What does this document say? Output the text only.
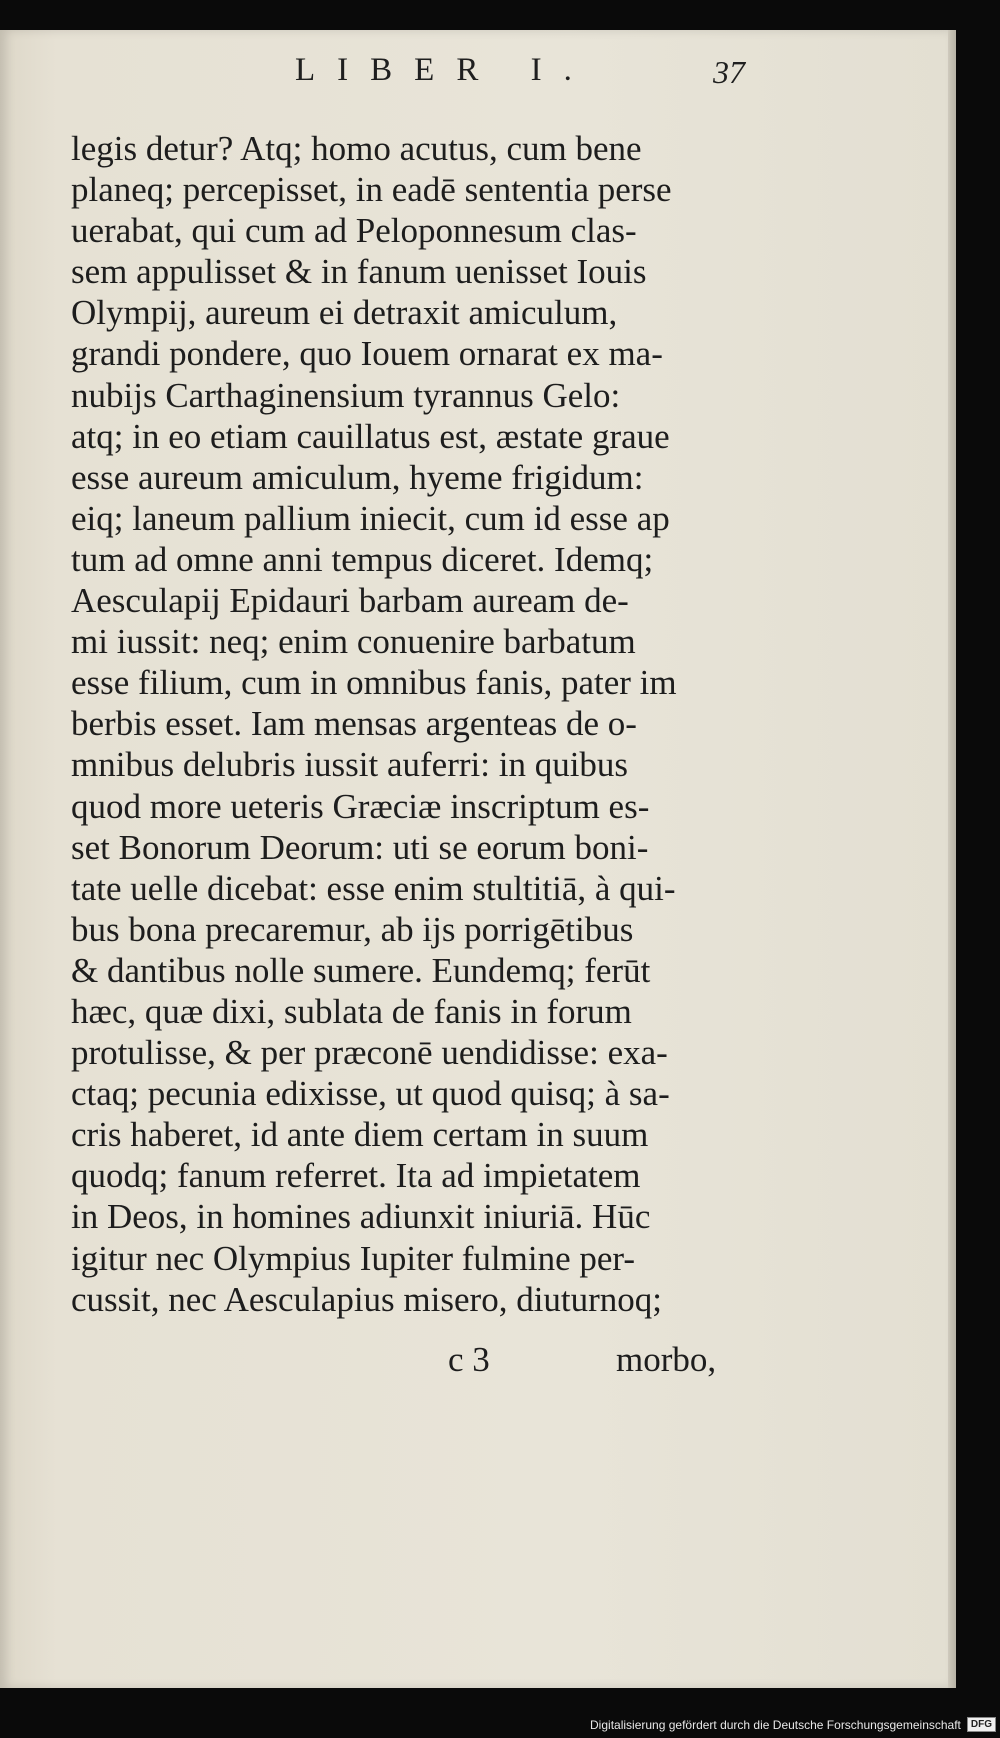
LIBER I.	37
legis detur? Atq; homo acutus, cum bene
planeq; percepisset, in eadē sententia perse
uerabat, qui cum ad Peloponnesum clas-
sem appulisset & in fanum uenisset Iouis
Olympij, aureum ei detraxit amiculum,
grandi pondere, quo Iouem ornarat ex ma-
nubijs Carthaginensium tyrannus Gelo:
atq; in eo etiam cauillatus est, æstate graue
esse aureum amiculum, hyeme frigidum:
eiq; laneum pallium iniecit, cum id esse ap
tum ad omne anni tempus diceret. Idemq;
Aesculapij Epidauri barbam auream de-
mi iussit: neq; enim conuenire barbatum
esse filium, cum in omnibus fanis, pater im
berbis esset. Iam mensas argenteas de o-
mnibus delubris iussit auferri: in quibus
quod more ueteris Græciæ inscriptum es-
set Bonorum Deorum: uti se eorum boni-
tate uelle dicebat: esse enim stultitiā, à qui-
bus bona precaremur, ab ijs porrigētibus
& dantibus nolle sumere. Eundemq; ferūt
hæc, quæ dixi, sublata de fanis in forum
protulisse, & per præconē uendidisse: exa-
ctaq; pecunia edixisse, ut quod quisq; à sa-
cris haberet, id ante diem certam in suum
quodq; fanum referret. Ita ad impietatem
in Deos, in homines adiunxit iniuriā. Hūc
igitur nec Olympius Iupiter fulmine per-
cussit, nec Aesculapius misero, diuturnoq;
c 3	morbo,
Digitalisierung gefördert durch die Deutsche Forschungsgemeinschaft	DFG
